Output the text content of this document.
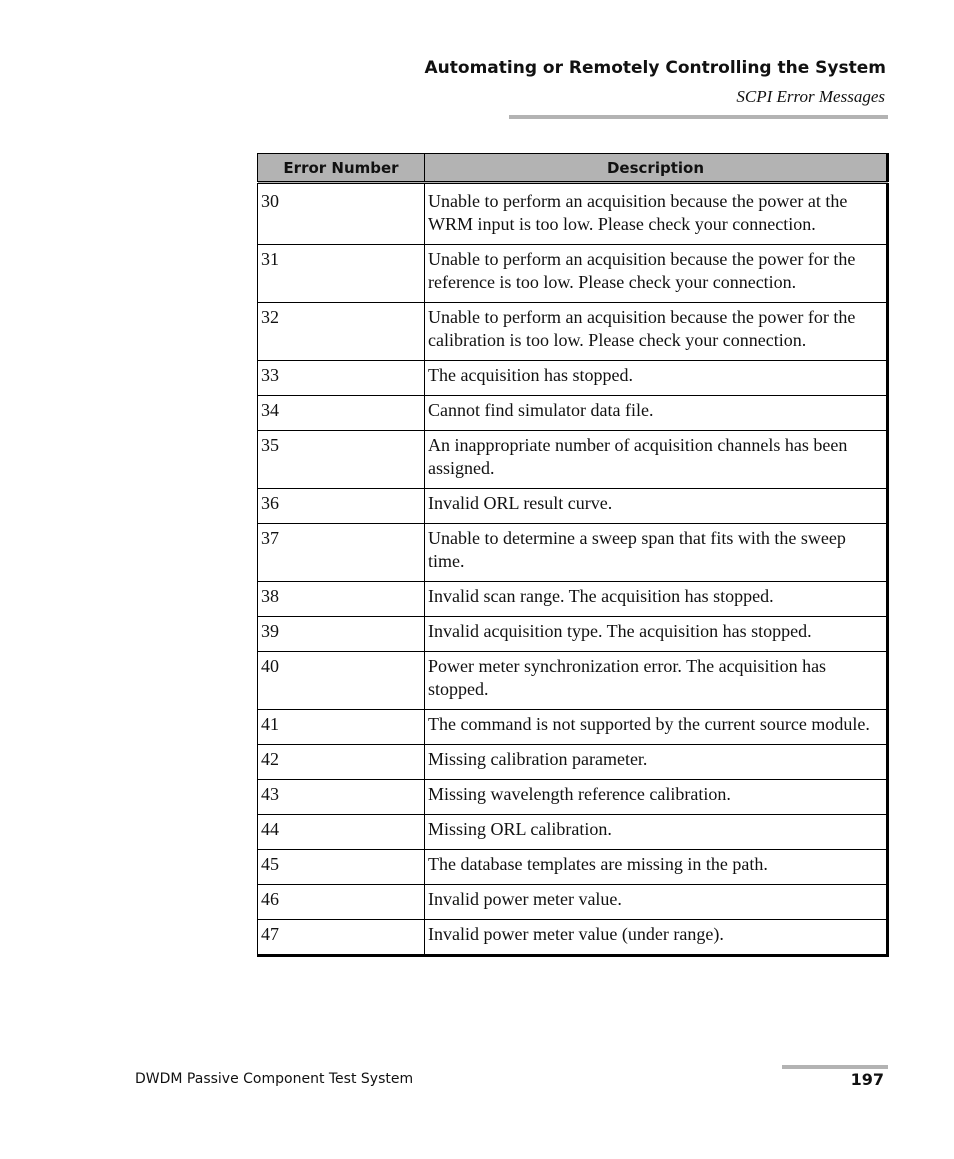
Automating or Remotely Controlling the System
SCPI Error Messages
Error Number	Description
30	Unable to perform an acquisition because the power at the WRM input is too low. Please check your connection.
31	Unable to perform an acquisition because the power for the reference is too low. Please check your connection.
32	Unable to perform an acquisition because the power for the calibration is too low. Please check your connection.
33	The acquisition has stopped.
34	Cannot find simulator data file.
35	An inappropriate number of acquisition channels has been assigned.
36	Invalid ORL result curve.
37	Unable to determine a sweep span that fits with the sweep time.
38	Invalid scan range. The acquisition has stopped.
39	Invalid acquisition type. The acquisition has stopped.
40	Power meter synchronization error. The acquisition has stopped.
41	The command is not supported by the current source module.
42	Missing calibration parameter.
43	Missing wavelength reference calibration.
44	Missing ORL calibration.
45	The database templates are missing in the path.
46	Invalid power meter value.
47	Invalid power meter value (under range).
DWDM Passive Component Test System	197
